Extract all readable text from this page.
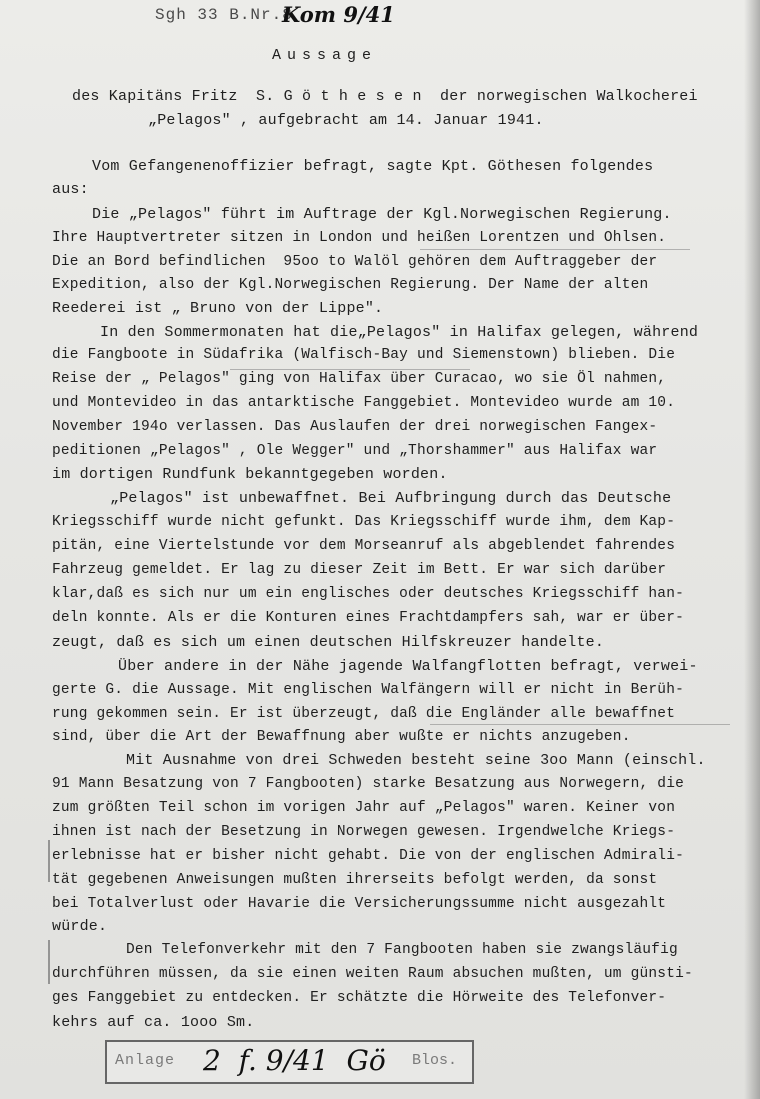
Sgh 33 B.Nr.8
Kom 9/41
Aussage
des Kapitäns Fritz  S. G ö t h e s e n  der norwegischen Walkocherei
„Pelagos" , aufgebracht am 14. Januar 1941.
Vom Gefangenenoffizier befragt, sagte Kpt. Göthesen folgendes
aus:
Die „Pelagos" führt im Auftrage der Kgl.Norwegischen Regierung.
Ihre Hauptvertreter sitzen in London und heißen Lorentzen und Ohlsen.
Die an Bord befindlichen  95oo to Walöl gehören dem Auftraggeber der
Expedition, also der Kgl.Norwegischen Regierung. Der Name der alten
Reederei ist „ Bruno von der Lippe".
In den Sommermonaten hat die„Pelagos" in Halifax gelegen, während
die Fangboote in Südafrika (Walfisch-Bay und Siemenstown) blieben. Die
Reise der „ Pelagos" ging von Halifax über Curacao, wo sie Öl nahmen,
und Montevideo in das antarktische Fanggebiet. Montevideo wurde am 10.
November 194o verlassen. Das Auslaufen der drei norwegischen Fangex-
peditionen „Pelagos" , Ole Wegger" und „Thorshammer" aus Halifax war
im dortigen Rundfunk bekanntgegeben worden.
„Pelagos" ist unbewaffnet. Bei Aufbringung durch das Deutsche
Kriegsschiff wurde nicht gefunkt. Das Kriegsschiff wurde ihm, dem Kap-
pitän, eine Viertelstunde vor dem Morseanruf als abgeblendet fahrendes
Fahrzeug gemeldet. Er lag zu dieser Zeit im Bett. Er war sich darüber
klar,daß es sich nur um ein englisches oder deutsches Kriegsschiff han-
deln konnte. Als er die Konturen eines Frachtdampfers sah, war er über-
zeugt, daß es sich um einen deutschen Hilfskreuzer handelte.
Über andere in der Nähe jagende Walfangflotten befragt, verwei-
gerte G. die Aussage. Mit englischen Walfängern will er nicht in Berüh-
rung gekommen sein. Er ist überzeugt, daß die Engländer alle bewaffnet
sind, über die Art der Bewaffnung aber wußte er nichts anzugeben.
Mit Ausnahme von drei Schweden besteht seine 3oo Mann (einschl.
91 Mann Besatzung von 7 Fangbooten) starke Besatzung aus Norwegern, die
zum größten Teil schon im vorigen Jahr auf „Pelagos" waren. Keiner von
ihnen ist nach der Besetzung in Norwegen gewesen. Irgendwelche Kriegs-
erlebnisse hat er bisher nicht gehabt. Die von der englischen Admirali-
tät gegebenen Anweisungen mußten ihrerseits befolgt werden, da sonst
bei Totalverlust oder Havarie die Versicherungssumme nicht ausgezahlt
würde.
Den Telefonverkehr mit den 7 Fangbooten haben sie zwangsläufig
durchführen müssen, da sie einen weiten Raum absuchen mußten, um günsti-
ges Fanggebiet zu entdecken. Er schätzte die Hörweite des Telefonver-
kehrs auf ca. 1ooo Sm.
Anlage 2  f. 9/41  Gö Blos.
